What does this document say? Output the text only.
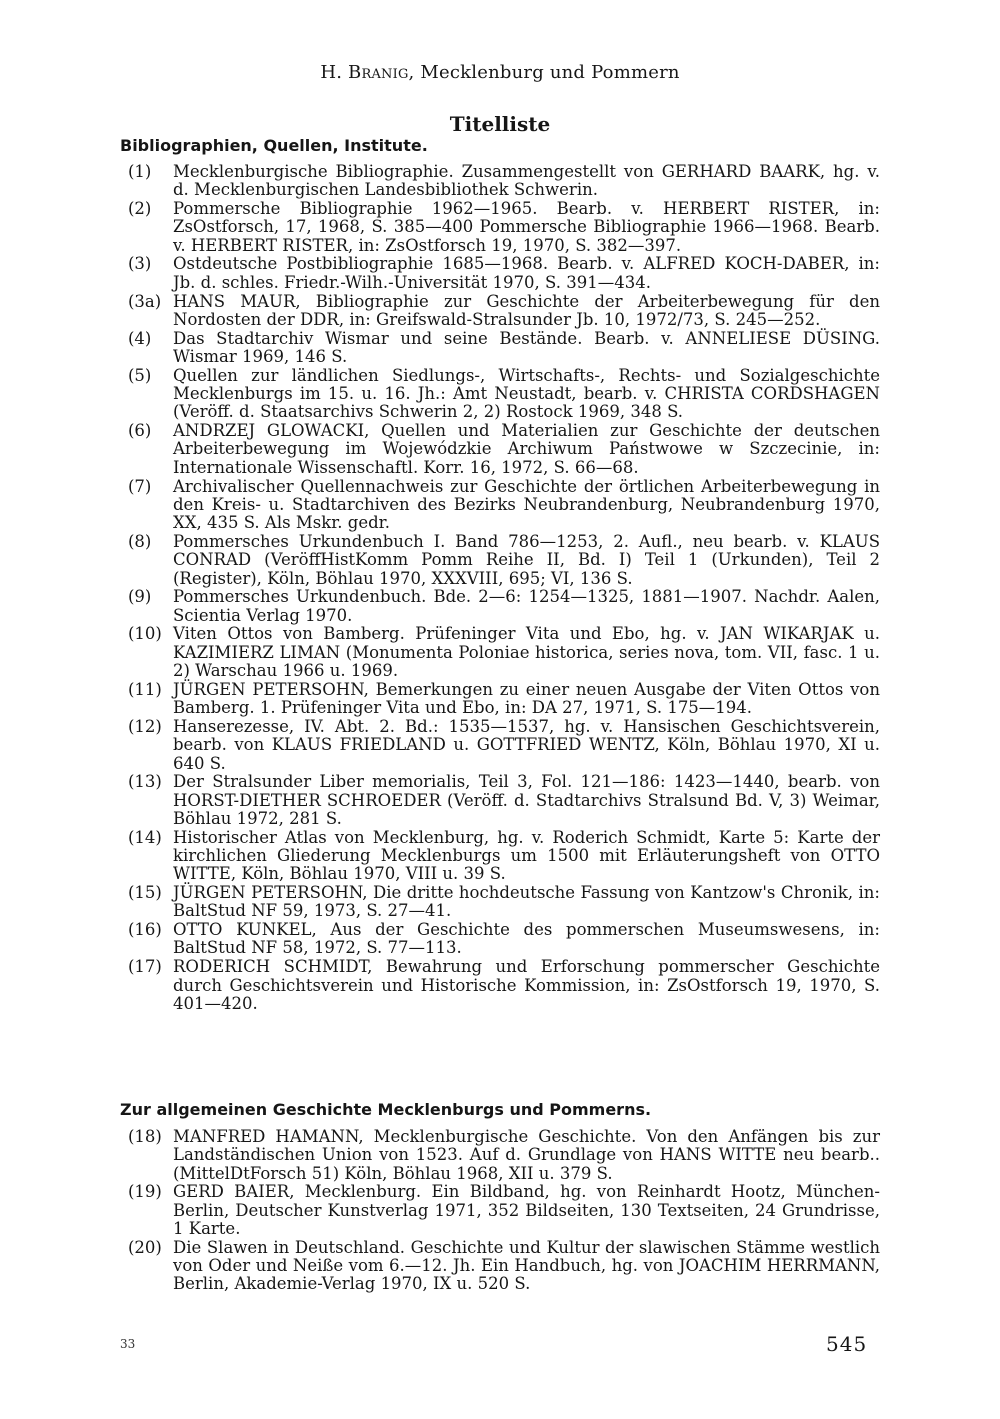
H. Branig, Mecklenburg und Pommern
Titelliste
Bibliographien, Quellen, Institute.
(1) Mecklenburgische Bibliographie. Zusammengestellt von GERHARD BAARK, hg. v. d. Mecklenburgischen Landesbibliothek Schwerin.
(2) Pommersche Bibliographie 1962—1965. Bearb. v. HERBERT RISTER, in: ZsOstforsch, 17, 1968, S. 385—400 Pommersche Bibliographie 1966—1968. Bearb. v. HERBERT RISTER, in: ZsOstforsch 19, 1970, S. 382—397.
(3) Ostdeutsche Postbibliographie 1685—1968. Bearb. v. ALFRED KOCH-DABER, in: Jb. d. schles. Friedr.-Wilh.-Universität 1970, S. 391—434.
(3a) HANS MAUR, Bibliographie zur Geschichte der Arbeiterbewegung für den Nordosten der DDR, in: Greifswald-Stralsunder Jb. 10, 1972/73, S. 245—252.
(4) Das Stadtarchiv Wismar und seine Bestände. Bearb. v. ANNELIESE DÜSING. Wismar 1969, 146 S.
(5) Quellen zur ländlichen Siedlungs-, Wirtschafts-, Rechts- und Sozialgeschichte Mecklenburgs im 15. u. 16. Jh.: Amt Neustadt, bearb. v. CHRISTA CORDSHAGEN (Veröff. d. Staatsarchivs Schwerin 2, 2) Rostock 1969, 348 S.
(6) ANDRZEJ GLOWACKI, Quellen und Materialien zur Geschichte der deutschen Arbeiterbewegung im Wojewódzkie Archiwum Państwowe w Szczecinie, in: Internationale Wissenschaftl. Korr. 16, 1972, S. 66—68.
(7) Archivalischer Quellennachweis zur Geschichte der örtlichen Arbeiterbewegung in den Kreis- u. Stadtarchiven des Bezirks Neubrandenburg, Neubrandenburg 1970, XX, 435 S. Als Mskr. gedr.
(8) Pommersches Urkundenbuch I. Band 786—1253, 2. Aufl., neu bearb. v. KLAUS CONRAD (VeröffHistKomm Pomm Reihe II, Bd. I) Teil 1 (Urkunden), Teil 2 (Register), Köln, Böhlau 1970, XXXVIII, 695; VI, 136 S.
(9) Pommersches Urkundenbuch. Bde. 2—6: 1254—1325, 1881—1907. Nachdr. Aalen, Scientia Verlag 1970.
(10) Viten Ottos von Bamberg. Prüfeninger Vita und Ebo, hg. v. JAN WIKARJAK u. KAZIMIERZ LIMAN (Monumenta Poloniae historica, series nova, tom. VII, fasc. 1 u. 2) Warschau 1966 u. 1969.
(11) JÜRGEN PETERSOHN, Bemerkungen zu einer neuen Ausgabe der Viten Ottos von Bamberg. 1. Prüfeninger Vita und Ebo, in: DA 27, 1971, S. 175—194.
(12) Hanserezesse, IV. Abt. 2. Bd.: 1535—1537, hg. v. Hansischen Geschichtsverein, bearb. von KLAUS FRIEDLAND u. GOTTFRIED WENTZ, Köln, Böhlau 1970, XI u. 640 S.
(13) Der Stralsunder Liber memorialis, Teil 3, Fol. 121—186: 1423—1440, bearb. von HORST-DIETHER SCHROEDER (Veröff. d. Stadtarchivs Stralsund Bd. V, 3) Weimar, Böhlau 1972, 281 S.
(14) Historischer Atlas von Mecklenburg, hg. v. Roderich Schmidt, Karte 5: Karte der kirchlichen Gliederung Mecklenburgs um 1500 mit Erläuterungsheft von OTTO WITTE, Köln, Böhlau 1970, VIII u. 39 S.
(15) JÜRGEN PETERSOHN, Die dritte hochdeutsche Fassung von Kantzow's Chronik, in: BaltStud NF 59, 1973, S. 27—41.
(16) OTTO KUNKEL, Aus der Geschichte des pommerschen Museumswesens, in: BaltStud NF 58, 1972, S. 77—113.
(17) RODERICH SCHMIDT, Bewahrung und Erforschung pommerscher Geschichte durch Geschichtsverein und Historische Kommission, in: ZsOstforsch 19, 1970, S. 401—420.
Zur allgemeinen Geschichte Mecklenburgs und Pommerns.
(18) MANFRED HAMANN, Mecklenburgische Geschichte. Von den Anfängen bis zur Landständischen Union von 1523. Auf d. Grundlage von HANS WITTE neu bearb.. (MittelDtForsch 51) Köln, Böhlau 1968, XII u. 379 S.
(19) GERD BAIER, Mecklenburg. Ein Bildband, hg. von Reinhardt Hootz, München-Berlin, Deutscher Kunstverlag 1971, 352 Bildseiten, 130 Textseiten, 24 Grundrisse, 1 Karte.
(20) Die Slawen in Deutschland. Geschichte und Kultur der slawischen Stämme westlich von Oder und Neiße vom 6.—12. Jh. Ein Handbuch, hg. von JOACHIM HERRMANN, Berlin, Akademie-Verlag 1970, IX u. 520 S.
33	545
